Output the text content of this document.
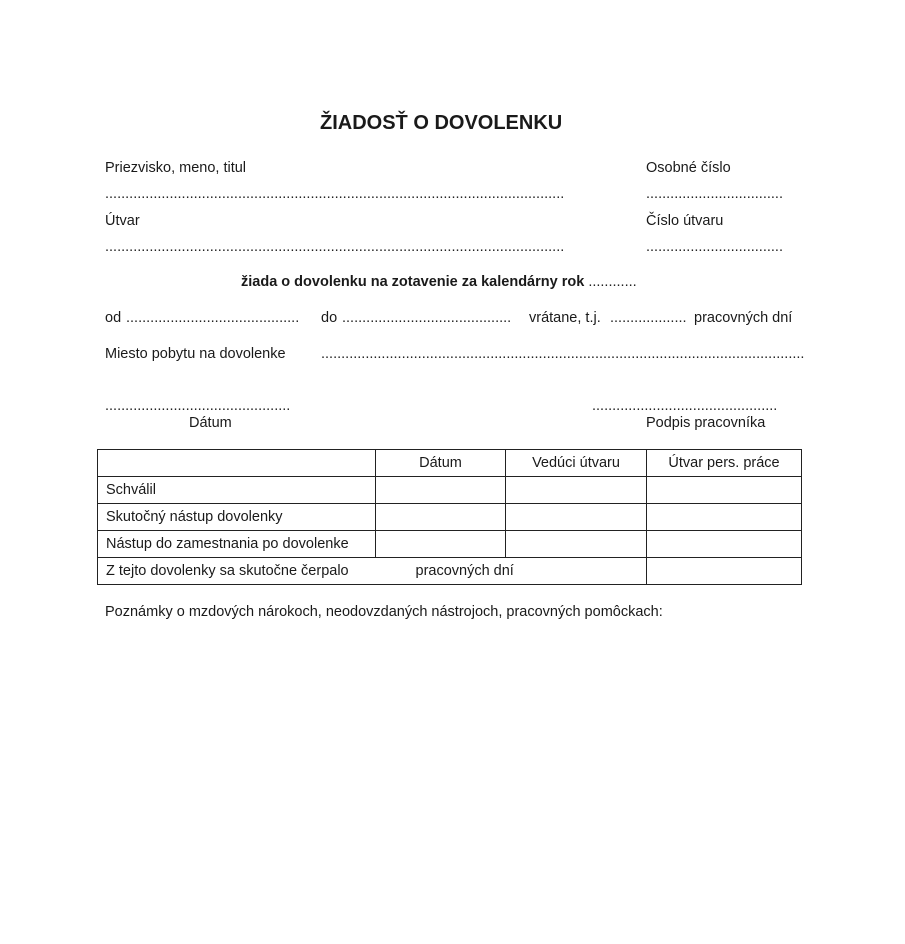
ŽIADOSŤ O DOVOLENKU
Priezvisko, meno, titul	Osobné číslo
..................................................................................................................	..................................
Útvar	Číslo útvaru
..................................................................................................................	..................................
žiada o dovolenku na zotavenie za kalendárny rok ............
od ........................................... do .......................................... vrátane, t.j. ................... pracovných dní
Miesto pobytu na dovolenke ........................................................................................................................
..............................................	..............................................
Dátum	Podpis pracovníka
	Dátum	Vedúci útvaru	Útvar pers. práce
Schválil			
Skutočný nástup dovolenky			
Nástup do zamestnania po dovolenke			
Z tejto dovolenky sa skutočne čerpalo	pracovných dní		
Poznámky o mzdových nárokoch, neodovzdaných nástrojoch, pracovných pomôckach:
